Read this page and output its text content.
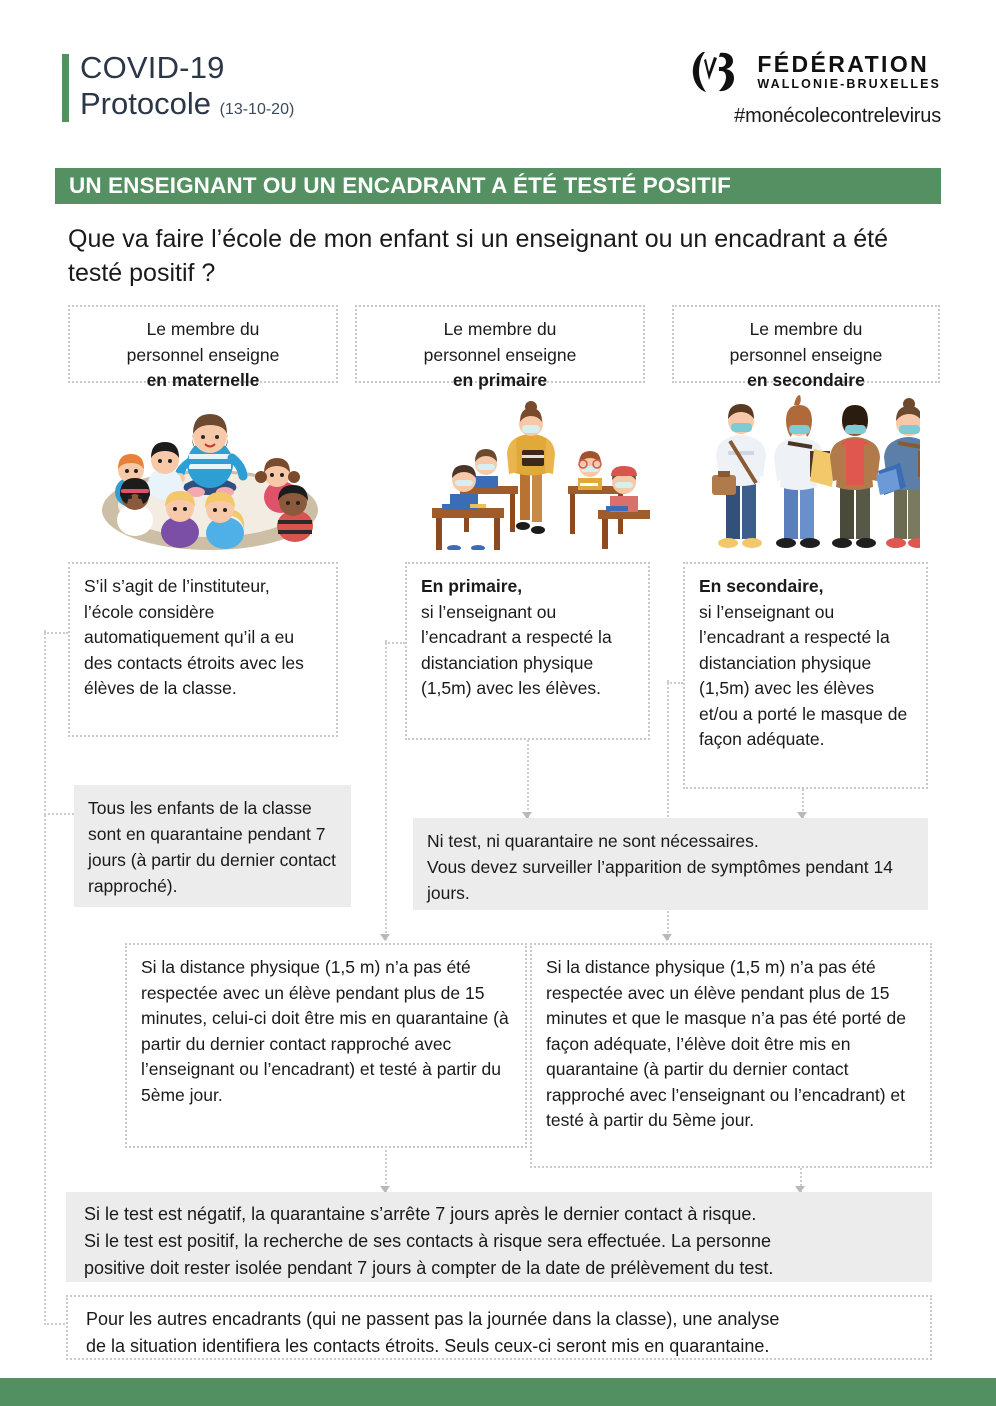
COVID-19
Protocole (13-10-20)
FÉDÉRATION
WALLONIE-BRUXELLES
#monécolecontrelevirus
UN ENSEIGNANT OU UN ENCADRANT A ÉTÉ TESTÉ POSITIF
Que va faire l’école de mon enfant si un enseignant ou un encadrant a été testé positif ?
Le membre du
personnel enseigne
en maternelle
S’il s’agit de l’instituteur, l’école considère automatiquement qu’il a eu des contacts étroits avec les élèves de la classe.
Tous les enfants de la classe sont en quarantaine pendant 7 jours (à partir du dernier contact rapproché).
Le membre du
personnel enseigne
en primaire
En primaire,
si l’enseignant ou l’encadrant a respecté la distanciation physique (1,5m) avec les élèves.
Le membre du
personnel enseigne
en secondaire
En secondaire,
si l’enseignant ou l’encadrant a respecté la distanciation physique (1,5m) avec les élèves et/ou a porté le masque de façon adéquate.
Ni test, ni quarantaire ne sont nécessaires.
Vous devez surveiller l’apparition de symptômes pendant 14 jours.
Si la distance physique (1,5 m) n’a pas été respectée avec un élève pendant plus de 15 minutes, celui-ci doit être mis en quarantaine (à partir du dernier contact rapproché avec l’enseignant ou l’encadrant) et testé à partir du 5ème jour.
Si la distance physique (1,5 m) n’a pas été respectée avec un élève pendant plus de 15 minutes et que le masque n’a pas été porté de façon adéquate, l’élève doit être mis en quarantaine (à partir du dernier contact rapproché avec l’enseignant ou l’encadrant) et testé à partir du 5ème jour.
Si le test est négatif, la quarantaine s’arrête 7 jours après le dernier contact à risque.
Si le test est positif, la recherche de ses contacts à risque sera effectuée. La personne
positive doit rester isolée pendant 7 jours à compter de la date de prélèvement du test.
Pour les autres encadrants (qui ne passent pas la journée dans la classe), une analyse
de la situation identifiera les contacts étroits. Seuls ceux-ci seront mis en quarantaine.
